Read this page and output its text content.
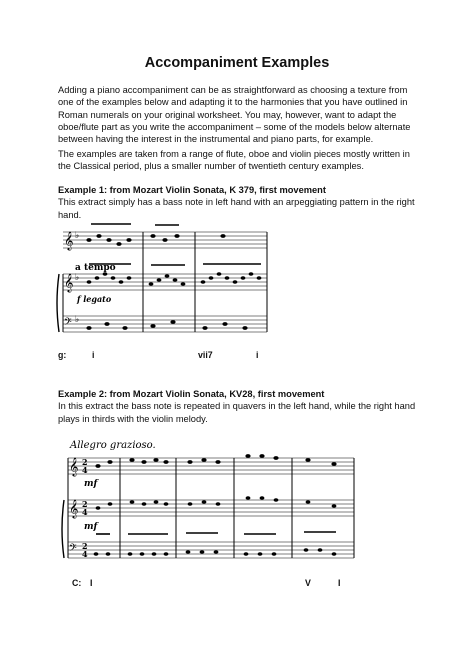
Accompaniment Examples

Adding a piano accompaniment can be as straightforward as choosing a texture from one of the examples below and adapting it to the harmonies that you have outlined in Roman numerals on your original worksheet. You may, however, want to adapt the oboe/flute part as you write the accompaniment – some of the models below alternate between having the interest in the instrumental and piano parts, for example.

The examples are taken from a range of flute, oboe and violin pieces mostly written in the Classical period, plus a smaller number of twentieth century examples.

Example 1: from Mozart Violin Sonata, K 379, first movement
This extract simply has a bass note in left hand with an arpeggiating pattern in the right hand.
𝄞
𝄞
𝄢
♭
♭
♭
a tempo
f legato
g:	i	vii7	i
Example 2: from Mozart Violin Sonata, KV28, first movement
In this extract the bass note is repeated in quavers in the left hand, while the right hand plays in thirds with the violin melody.
Allegro grazioso.
𝄞
𝄞
𝄢
2
4
2
4
2
4
mf
mf
C: I	V	I
